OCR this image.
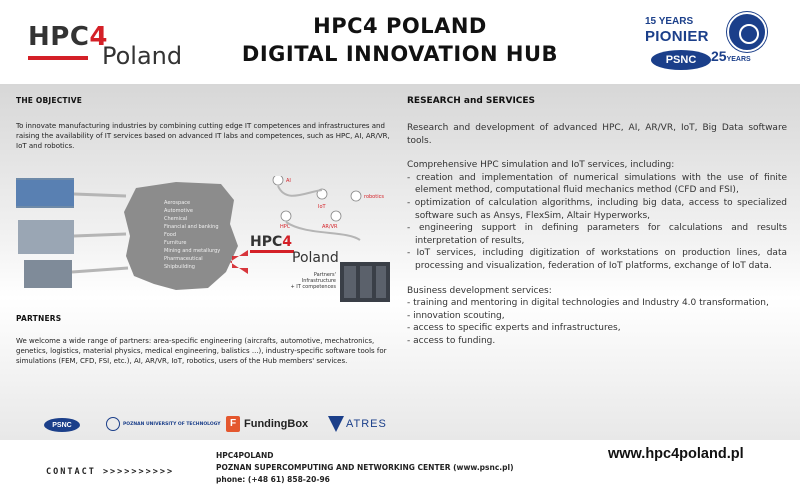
HPC4
Poland
HPC4 POLAND
DIGITAL INNOVATION HUB
15 YEARS
PIONIER
PSNC	25YEARS
THE OBJECTIVE
To innovate manufacturing industries by combining cutting edge IT competences and infrastructures and raising the availability of IT services based on advanced IT labs and competences, such as HPC, AI, AR/VR, IoT and robotics.
Aerospace
Automotive
Chemical
Financial and banking
Food
Furniture
Mining and metallurgy
Pharmaceutical
Shipbuilding
AI
IoT
robotics
HPC	AR/VR
HPC4
Poland
Partners'
Infrastructure
+ IT competences
PARTNERS
We welcome a wide range of partners: area-specific engineering (aircrafts, automotive, mechatronics, genetics, logistics, material physics, medical engineering, balistics ...), industry-specific software tools for simulations (FEM, CFD, FSI, etc.), AI, AR/VR, IoT, robotics, users of the Hub members' services.
PSNC	POZNAN UNIVERSITY OF TECHNOLOGY F FundingBox	ATRES
RESEARCH and SERVICES
Research and development of advanced HPC, AI, AR/VR, IoT, Big Data software tools.
Comprehensive HPC simulation and IoT services, including:
- creation and implementation of numerical simulations with the use of finite element method, computational fluid mechanics method (CFD and FSI),
- optimization of calculation algorithms, including big data, access to specialized software such as Ansys, FlexSim, Altair Hyperworks,
- engineering support in defining parameters for calculations and results interpretation of results,
- IoT services, including digitization of workstations on production lines, data processing and visualization, federation of IoT platforms, exchange of IoT data.
Business development services:
- training and mentoring in digital technologies and Industry 4.0 transformation,
- innovation scouting,
- access to specific experts and infrastructures,
- access to funding.
CONTACT >>>>>>>>>>
HPC4POLAND
POZNAN SUPERCOMPUTING AND NETWORKING CENTER (www.psnc.pl)
phone: (+48 61) 858-20-96
www.hpc4poland.pl
